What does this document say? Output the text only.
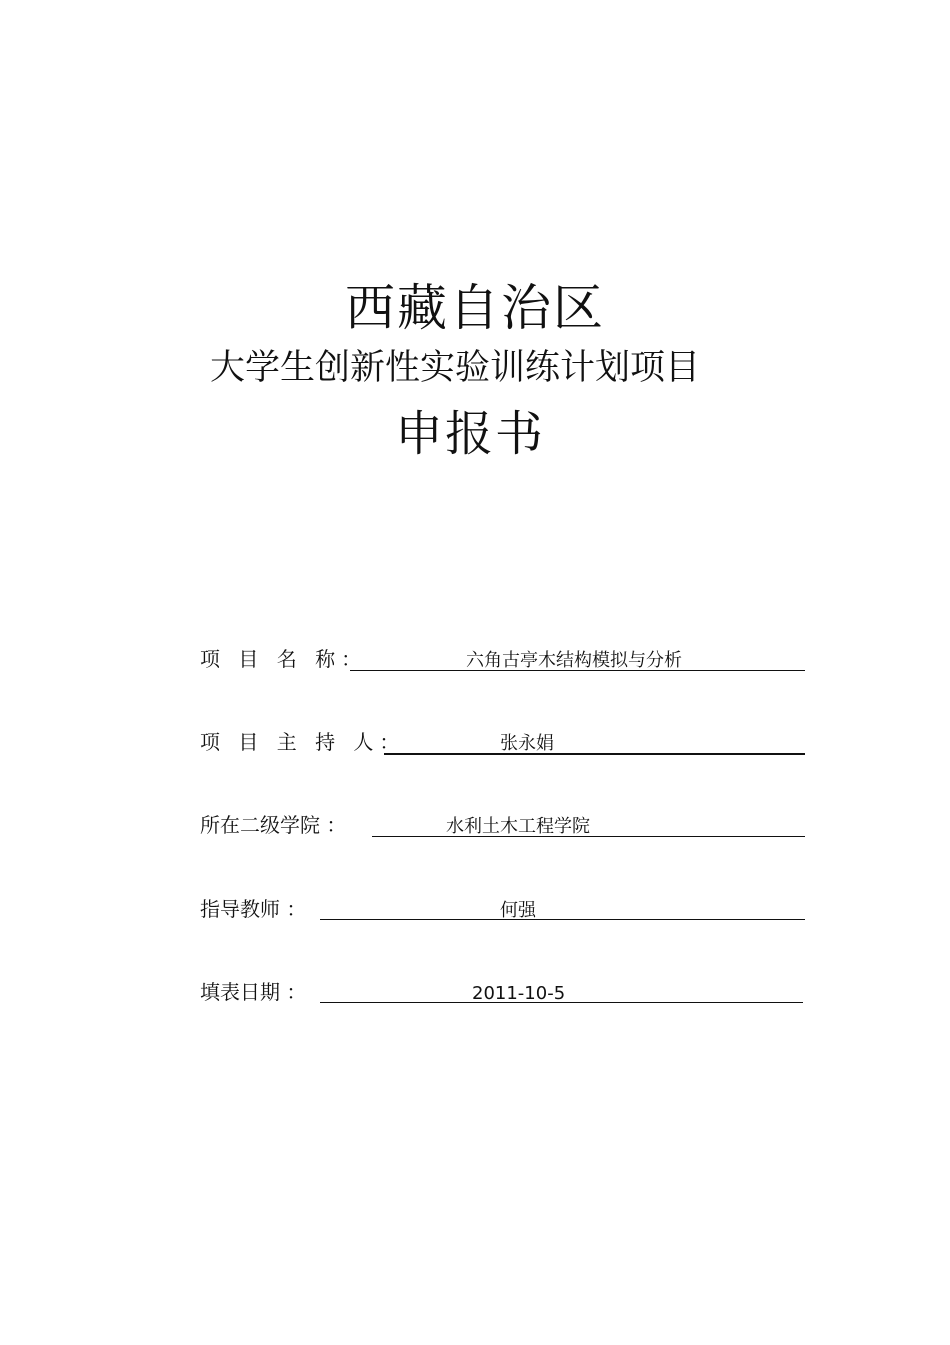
西藏自治区
大学生创新性实验训练计划项目
申报书
项 目 名 称：	六角古亭木结构模拟与分析
项 目 主 持 人：	张永娟
所在二级学院 ：	水利土木工程学院
指导教师 ：	何强
填表日期 ：	2011-10-5
